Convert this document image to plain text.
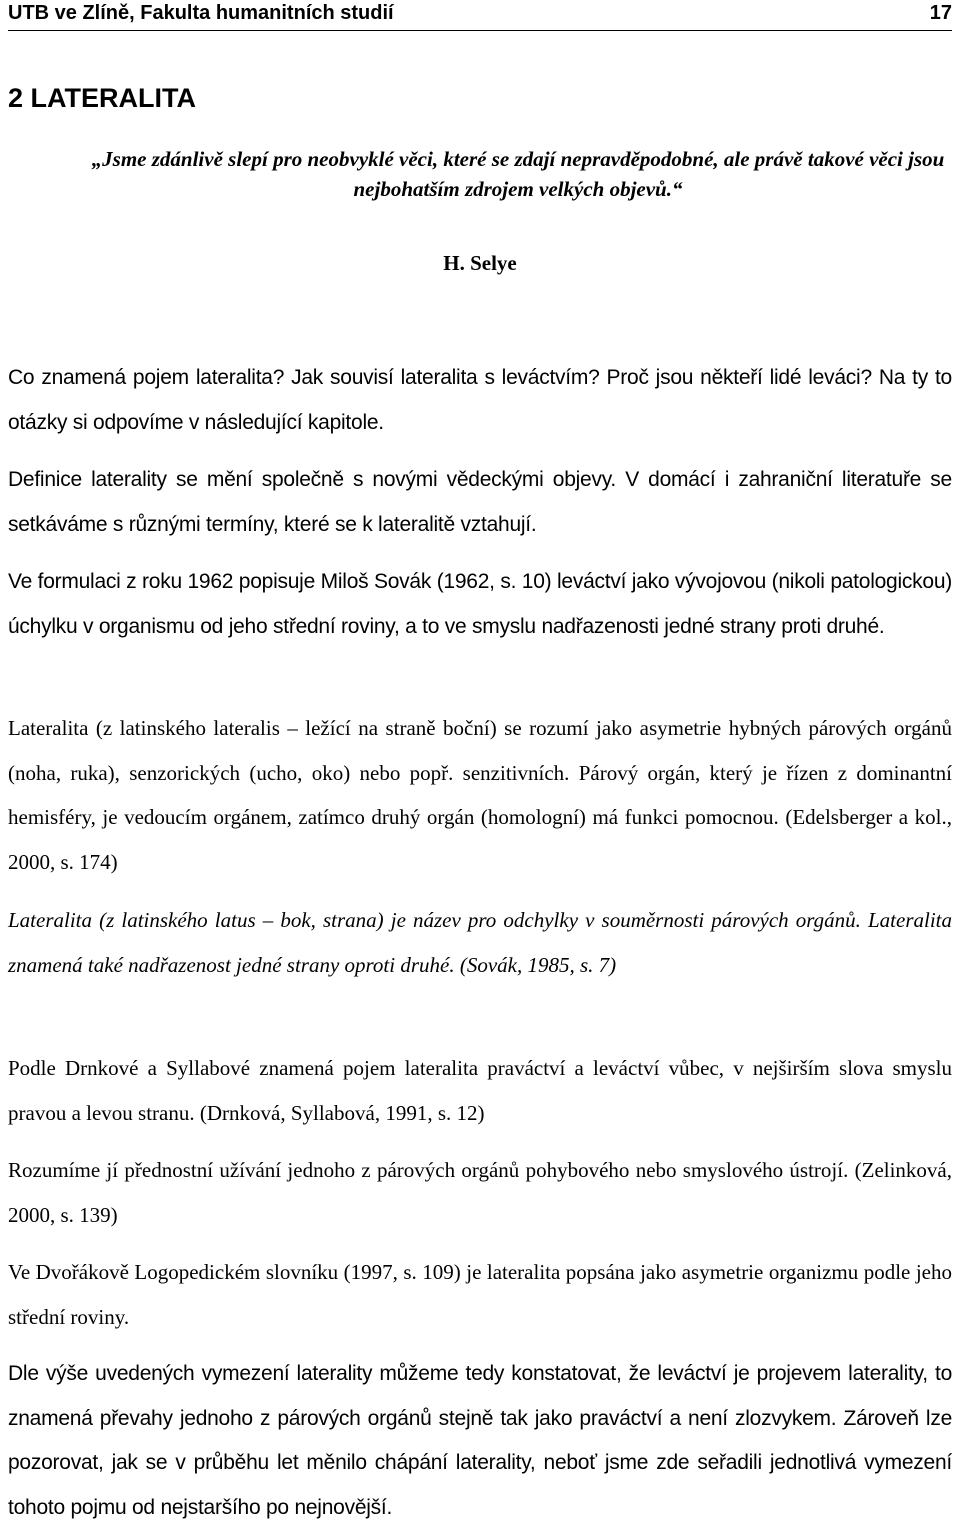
UTB ve Zlíně, Fakulta humanitních studií	17
2 LATERALITA
„Jsme zdánlivě slepí pro neobvyklé věci, které se zdají nepravděpodobné, ale právě takové věci jsou nejbohatším zdrojem velkých objevů.“
H. Selye

Co znamená pojem lateralita? Jak souvisí lateralita s leváctvím? Proč jsou někteří lidé leváci? Na ty to otázky si odpovíme v následující kapitole.

Definice laterality se mění společně s novými vědeckými objevy. V domácí i zahraniční literatuře se setkáváme s různými termíny, které se k lateralitě vztahují.

Ve formulaci z roku 1962 popisuje Miloš Sovák (1962, s. 10) leváctví jako vývojovou (nikoli patologickou) úchylku v organismu od jeho střední roviny, a to ve smyslu nadřazenosti jedné strany proti druhé.

Lateralita (z latinského lateralis – ležící na straně boční) se rozumí jako asymetrie hybných párových orgánů (noha, ruka), senzorických (ucho, oko) nebo popř. senzitivních. Párový orgán, který je řízen z dominantní hemisféry, je vedoucím orgánem, zatímco druhý orgán (homologní) má funkci pomocnou. (Edelsberger a kol., 2000, s. 174)

Lateralita (z latinského latus – bok, strana) je název pro odchylky v souměrnosti párových orgánů. Lateralita znamená také nadřazenost jedné strany oproti druhé. (Sovák, 1985, s. 7)

Podle Drnkové a Syllabové znamená pojem lateralita praváctví a leváctví vůbec, v nejširším slova smyslu pravou a levou stranu. (Drnková, Syllabová, 1991, s. 12)

Rozumíme jí přednostní užívání jednoho z párových orgánů pohybového nebo smyslového ústrojí. (Zelinková, 2000, s. 139)

Ve Dvořákově Logopedickém slovníku (1997, s. 109) je lateralita popsána jako asymetrie organizmu podle jeho střední roviny.

Dle výše uvedených vymezení laterality můžeme tedy konstatovat, že leváctví je projevem laterality, to znamená převahy jednoho z párových orgánů stejně tak jako praváctví a není zlozvykem. Zároveň lze pozorovat, jak se v průběhu let měnilo chápání laterality, neboť jsme zde seřadili jednotlivá vymezení tohoto pojmu od nejstaršího po nejnovější.
